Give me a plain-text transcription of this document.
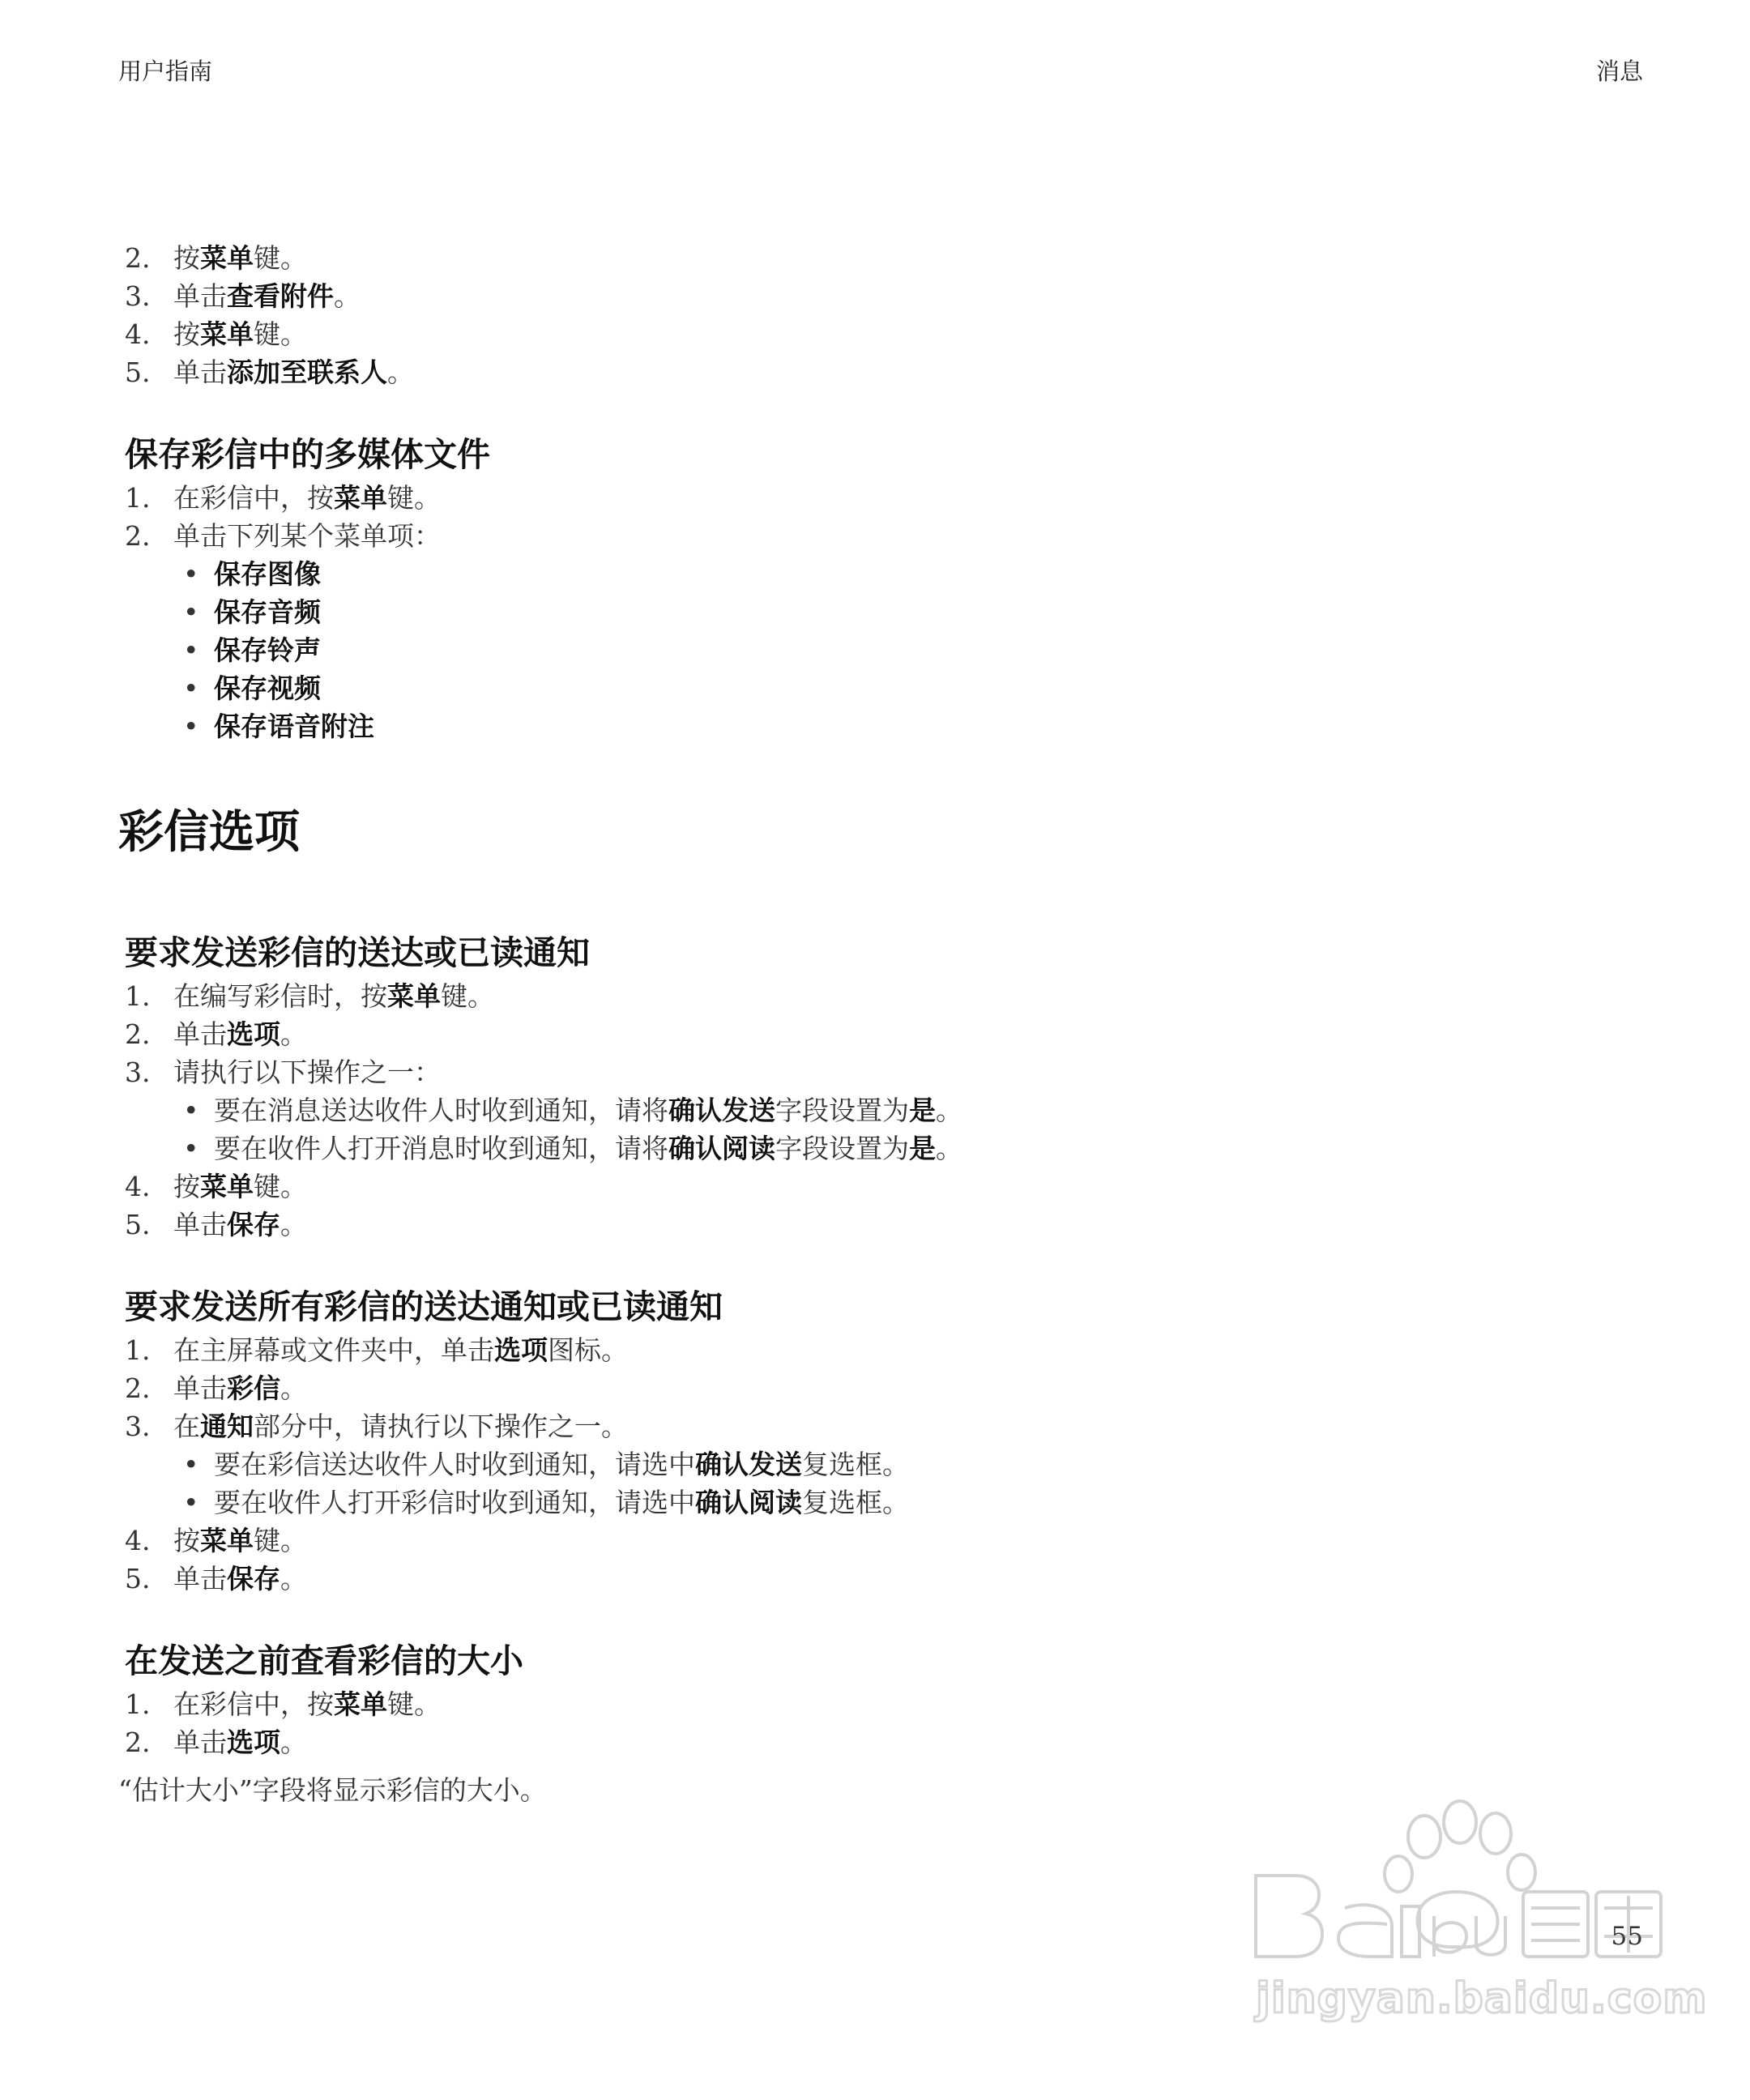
用户指南	消息
2. 按菜单键。
3. 单击查看附件。
4. 按菜单键。
5. 单击添加至联系人。
保存彩信中的多媒体文件
1. 在彩信中，按菜单键。
2. 单击下列某个菜单项：
• 保存图像
• 保存音频
• 保存铃声
• 保存视频
• 保存语音附注
彩信选项
要求发送彩信的送达或已读通知
1. 在编写彩信时，按菜单键。
2. 单击选项。
3. 请执行以下操作之一：
• 要在消息送达收件人时收到通知，请将确认发送字段设置为是。
• 要在收件人打开消息时收到通知，请将确认阅读字段设置为是。
4. 按菜单键。
5. 单击保存。
要求发送所有彩信的送达通知或已读通知
1. 在主屏幕或文件夹中，单击选项图标。
2. 单击彩信。
3. 在通知部分中，请执行以下操作之一。
• 要在彩信送达收件人时收到通知，请选中确认发送复选框。
• 要在收件人打开彩信时收到通知，请选中确认阅读复选框。
4. 按菜单键。
5. 单击保存。
在发送之前查看彩信的大小
1. 在彩信中，按菜单键。
2. 单击选项。

“估计大小”字段将显示彩信的大小。

55
jingyan.baidu.com
